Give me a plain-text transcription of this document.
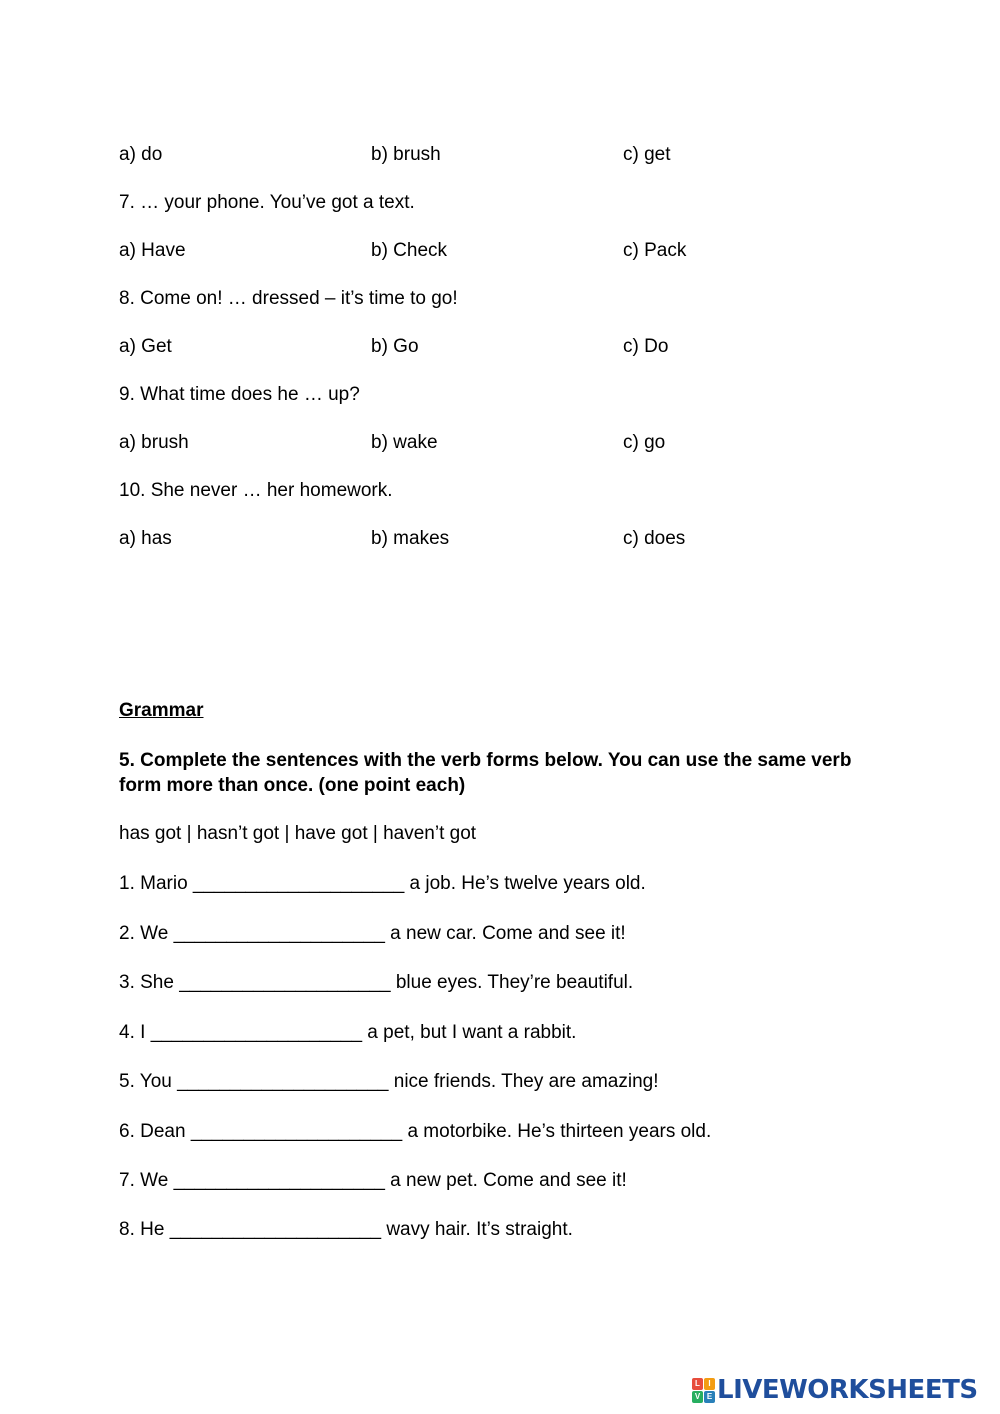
a) do	b) brush	c) get
7. … your phone. You’ve got a text.
a) Have	b) Check	c) Pack
8. Come on! … dressed – it’s time to go!
a) Get	b) Go	c) Do
9. What time does he … up?
a) brush	b) wake	c) go
10. She never … her homework.
a) has	b) makes	c) does
Grammar
5. Complete the sentences with the verb forms below. You can use the same verb form more than once. (one point each)
has got | hasn’t got | have got | haven’t got
1. Mario ____________________ a job. He’s twelve years old.
2. We ____________________ a new car. Come and see it!
3. She ____________________ blue eyes. They’re beautiful.
4. I ____________________ a pet, but I want a rabbit.
5. You ____________________ nice friends. They are amazing!
6. Dean ____________________ a motorbike. He’s thirteen years old.
7. We ____________________ a new pet. Come and see it!
8. He ____________________ wavy hair. It’s straight.
L	I
V E LIVEWORKSHEETS
